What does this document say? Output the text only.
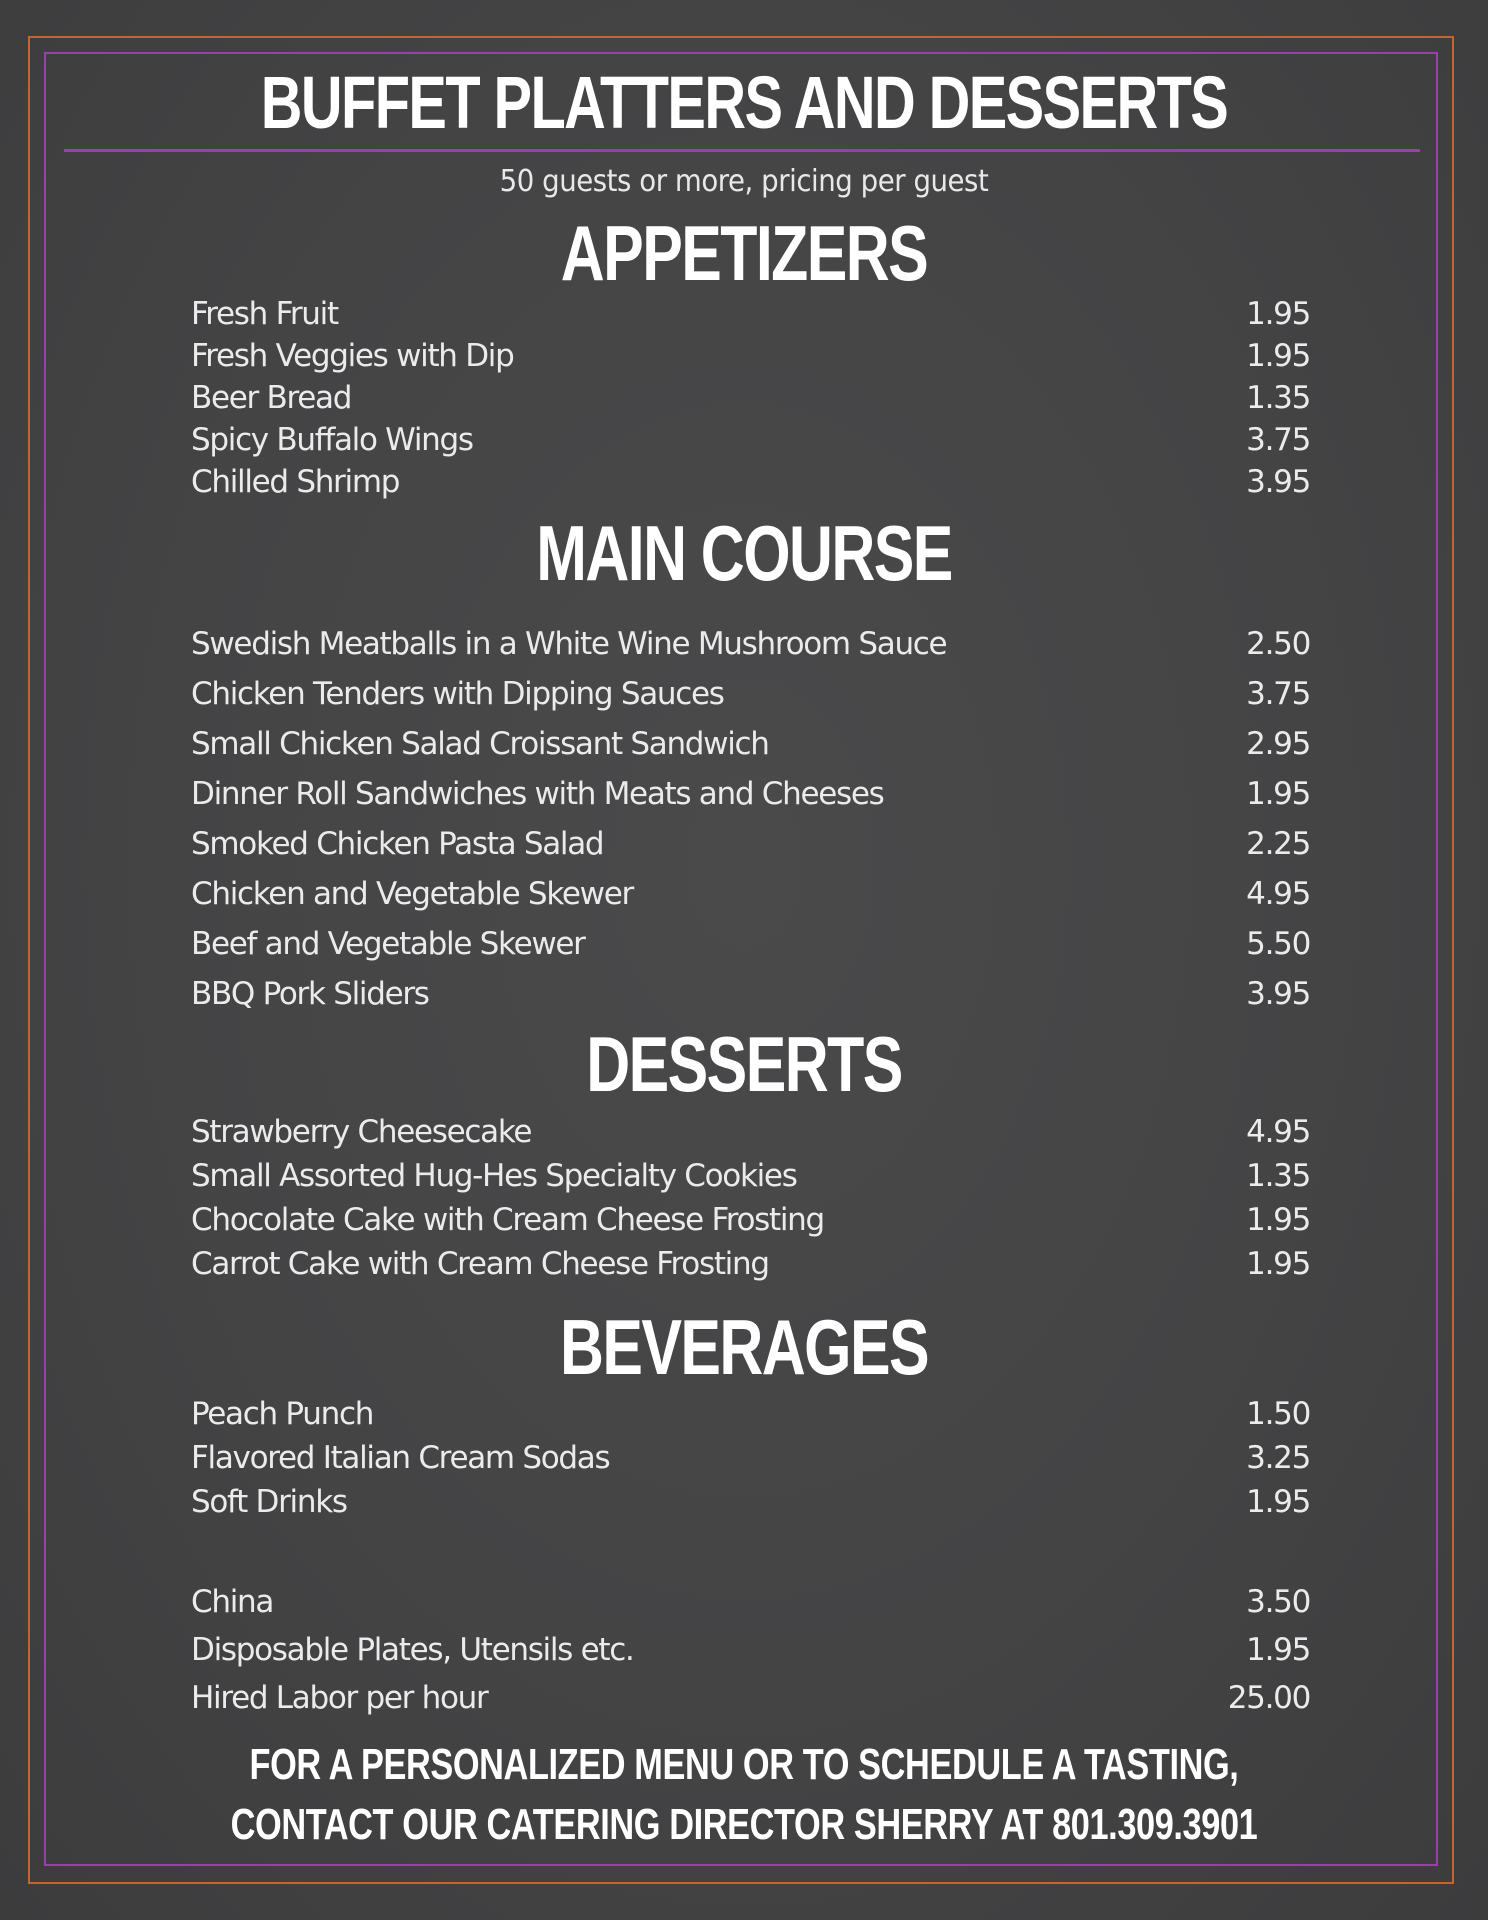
BUFFET PLATTERS AND DESSERTS
50 guests or more, pricing per guest
APPETIZERS
Fresh Fruit	1.95
Fresh Veggies with Dip	1.95
Beer Bread	1.35
Spicy Buffalo Wings	3.75
Chilled Shrimp	3.95
MAIN COURSE
Swedish Meatballs in a White Wine Mushroom Sauce	2.50
Chicken Tenders with Dipping Sauces	3.75
Small Chicken Salad Croissant Sandwich	2.95
Dinner Roll Sandwiches with Meats and Cheeses	1.95
Smoked Chicken Pasta Salad	2.25
Chicken and Vegetable Skewer	4.95
Beef and Vegetable Skewer	5.50
BBQ Pork Sliders	3.95
DESSERTS
Strawberry Cheesecake	4.95
Small Assorted Hug-Hes Specialty Cookies	1.35
Chocolate Cake with Cream Cheese Frosting	1.95
Carrot Cake with Cream Cheese Frosting	1.95
BEVERAGES
Peach Punch	1.50
Flavored Italian Cream Sodas	3.25
Soft Drinks	1.95
China	3.50
Disposable Plates, Utensils etc.	1.95
Hired Labor per hour	25.00

FOR A PERSONALIZED MENU OR TO SCHEDULE A TASTING,

CONTACT OUR CATERING DIRECTOR SHERRY AT 801.309.3901
